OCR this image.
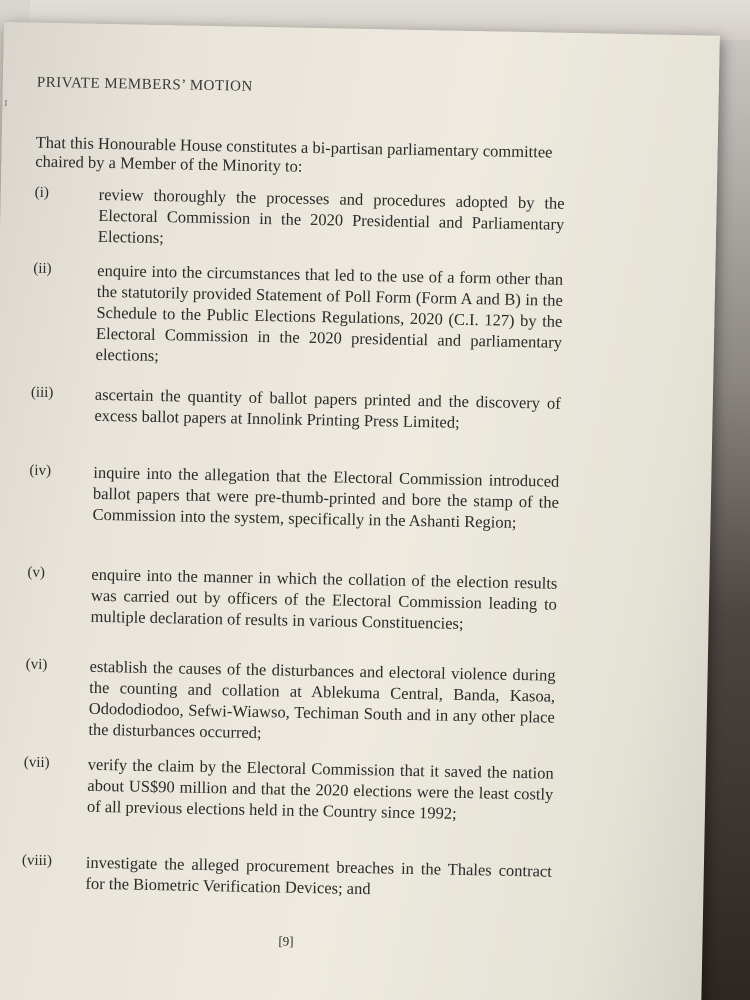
I
PRIVATE MEMBERS’ MOTION
That this Honourable House constitutes a bi-partisan parliamentary committee chaired by a Member of the Minority to:
(i)	review thoroughly the processes and procedures adopted by the Electoral Commission in the 2020 Presidential and Parliamentary Elections;
(ii)	enquire into the circumstances that led to the use of a form other than the statutorily provided Statement of Poll Form (Form A and B) in the Schedule to the Public Elections Regulations, 2020 (C.I. 127) by the Electoral Commission in the 2020 presidential and parliamentary elections;
(iii)	ascertain the quantity of ballot papers printed and the discovery of excess ballot papers at Innolink Printing Press Limited;
(iv)	inquire into the allegation that the Electoral Commission introduced ballot papers that were pre-thumb-printed and bore the stamp of the Commission into the system, specifically in the Ashanti Region;
(v)	enquire into the manner in which the collation of the election results was carried out by officers of the Electoral Commission leading to multiple declaration of results in various Constituencies;
(vi)	establish the causes of the disturbances and electoral violence during the counting and collation at Ablekuma Central, Banda, Kasoa, Odododiodoo, Sefwi-Wiawso, Techiman South and in any other place the disturbances occurred;
(vii)	verify the claim by the Electoral Commission that it saved the nation about US$90 million and that the 2020 elections were the least costly of all previous elections held in the Country since 1992;
(viii)	investigate the alleged procurement breaches in the Thales contract for the Biometric Verification Devices; and
[9]
